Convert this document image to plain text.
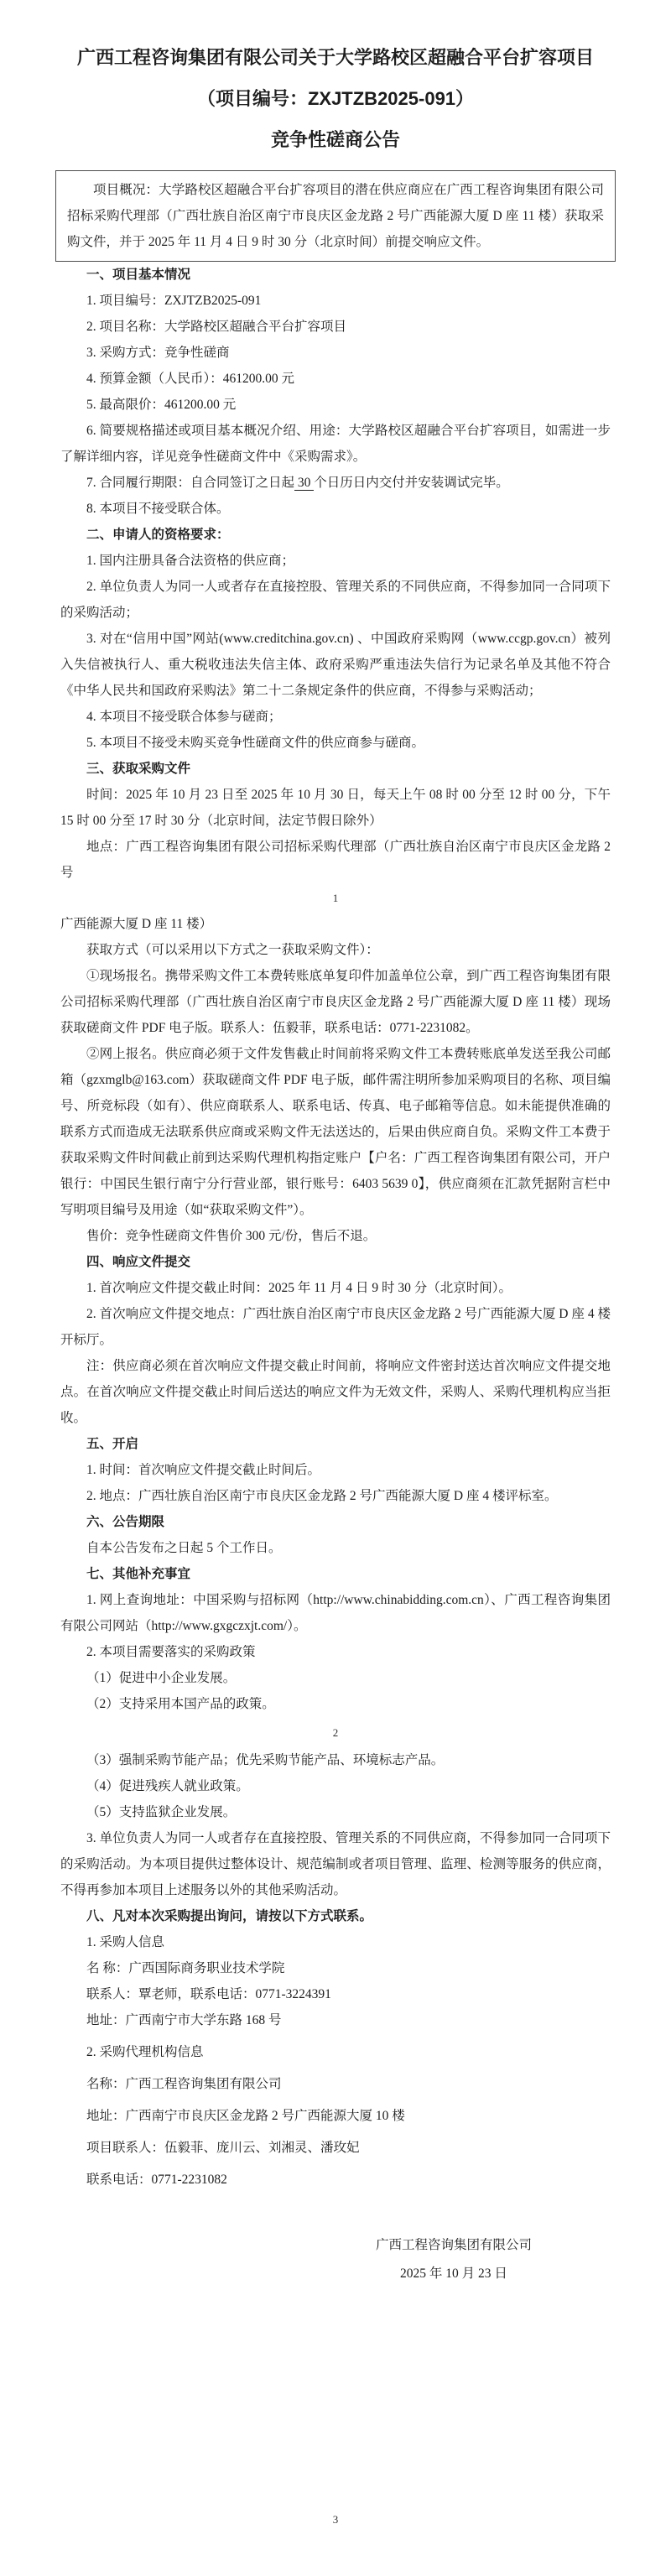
广西工程咨询集团有限公司关于大学路校区超融合平台扩容项目
（项目编号：ZXJTZB2025-091）
竞争性磋商公告

项目概况：大学路校区超融合平台扩容项目的潜在供应商应在广西工程咨询集团有限公司招标采购代理部（广西壮族自治区南宁市良庆区金龙路 2 号广西能源大厦 D 座 11 楼）获取采购文件，并于 2025 年 11 月 4 日 9 时 30 分（北京时间）前提交响应文件。

一、项目基本情况

1. 项目编号：ZXJTZB2025-091

2. 项目名称：大学路校区超融合平台扩容项目

3. 采购方式：竞争性磋商

4. 预算金额（人民币）：461200.00 元

5. 最高限价：461200.00 元

6. 简要规格描述或项目基本概况介绍、用途：大学路校区超融合平台扩容项目，如需进一步了解详细内容，详见竞争性磋商文件中《采购需求》。

7. 合同履行期限：自合同签订之日起 30 个日历日内交付并安装调试完毕。

8. 本项目不接受联合体。

二、申请人的资格要求：

1. 国内注册具备合法资格的供应商；

2. 单位负责人为同一人或者存在直接控股、管理关系的不同供应商，不得参加同一合同项下的采购活动；

3. 对在“信用中国”网站(www.creditchina.gov.cn) 、中国政府采购网（www.ccgp.gov.cn）被列入失信被执行人、重大税收违法失信主体、政府采购严重违法失信行为记录名单及其他不符合《中华人民共和国政府采购法》第二十二条规定条件的供应商，不得参与采购活动；

4. 本项目不接受联合体参与磋商；

5. 本项目不接受未购买竞争性磋商文件的供应商参与磋商。

三、获取采购文件

时间：2025 年 10 月 23 日至 2025 年 10 月 30 日，每天上午 08 时 00 分至 12 时 00 分，下午 15 时 00 分至 17 时 30 分（北京时间，法定节假日除外）

地点：广西工程咨询集团有限公司招标采购代理部（广西壮族自治区南宁市良庆区金龙路 2 号

1

广西能源大厦 D 座 11 楼）

获取方式（可以采用以下方式之一获取采购文件）：

①现场报名。携带采购文件工本费转账底单复印件加盖单位公章，到广西工程咨询集团有限公司招标采购代理部（广西壮族自治区南宁市良庆区金龙路 2 号广西能源大厦 D 座 11 楼）现场获取磋商文件 PDF 电子版。联系人：伍毅菲，联系电话：0771-2231082。

②网上报名。供应商必须于文件发售截止时间前将采购文件工本费转账底单发送至我公司邮箱（gzxmglb@163.com）获取磋商文件 PDF 电子版，邮件需注明所参加采购项目的名称、项目编号、所竞标段（如有）、供应商联系人、联系电话、传真、电子邮箱等信息。如未能提供准确的联系方式而造成无法联系供应商或采购文件无法送达的，后果由供应商自负。采购文件工本费于获取采购文件时间截止前到达采购代理机构指定账户【户名：广西工程咨询集团有限公司，开户银行：中国民生银行南宁分行营业部，银行账号：6403 5639 0】，供应商须在汇款凭据附言栏中写明项目编号及用途（如“获取采购文件”）。

售价：竞争性磋商文件售价 300 元/份，售后不退。

四、响应文件提交

1. 首次响应文件提交截止时间：2025 年 11 月 4 日 9 时 30 分（北京时间）。

2. 首次响应文件提交地点：广西壮族自治区南宁市良庆区金龙路 2 号广西能源大厦 D 座 4 楼开标厅。

注：供应商必须在首次响应文件提交截止时间前，将响应文件密封送达首次响应文件提交地点。在首次响应文件提交截止时间后送达的响应文件为无效文件，采购人、采购代理机构应当拒收。

五、开启

1. 时间：首次响应文件提交截止时间后。

2. 地点：广西壮族自治区南宁市良庆区金龙路 2 号广西能源大厦 D 座 4 楼评标室。

六、公告期限

自本公告发布之日起 5 个工作日。

七、其他补充事宜

1. 网上查询地址：中国采购与招标网（http://www.chinabidding.com.cn）、广西工程咨询集团有限公司网站（http://www.gxgczxjt.com/）。

2. 本项目需要落实的采购政策

（1）促进中小企业发展。

（2）支持采用本国产品的政策。

2

（3）强制采购节能产品；优先采购节能产品、环境标志产品。

（4）促进残疾人就业政策。

（5）支持监狱企业发展。

3. 单位负责人为同一人或者存在直接控股、管理关系的不同供应商，不得参加同一合同项下的采购活动。为本项目提供过整体设计、规范编制或者项目管理、监理、检测等服务的供应商，不得再参加本项目上述服务以外的其他采购活动。

八、凡对本次采购提出询问，请按以下方式联系。

1. 采购人信息

名 称：广西国际商务职业技术学院

联系人：覃老师，联系电话：0771-3224391

地址：广西南宁市大学东路 168 号

2. 采购代理机构信息

名称：广西工程咨询集团有限公司

地址：广西南宁市良庆区金龙路 2 号广西能源大厦 10 楼

项目联系人：伍毅菲、庞川云、刘湘灵、潘玫妃

联系电话：0771-2231082

广西工程咨询集团有限公司

2025 年 10 月 23 日

3
